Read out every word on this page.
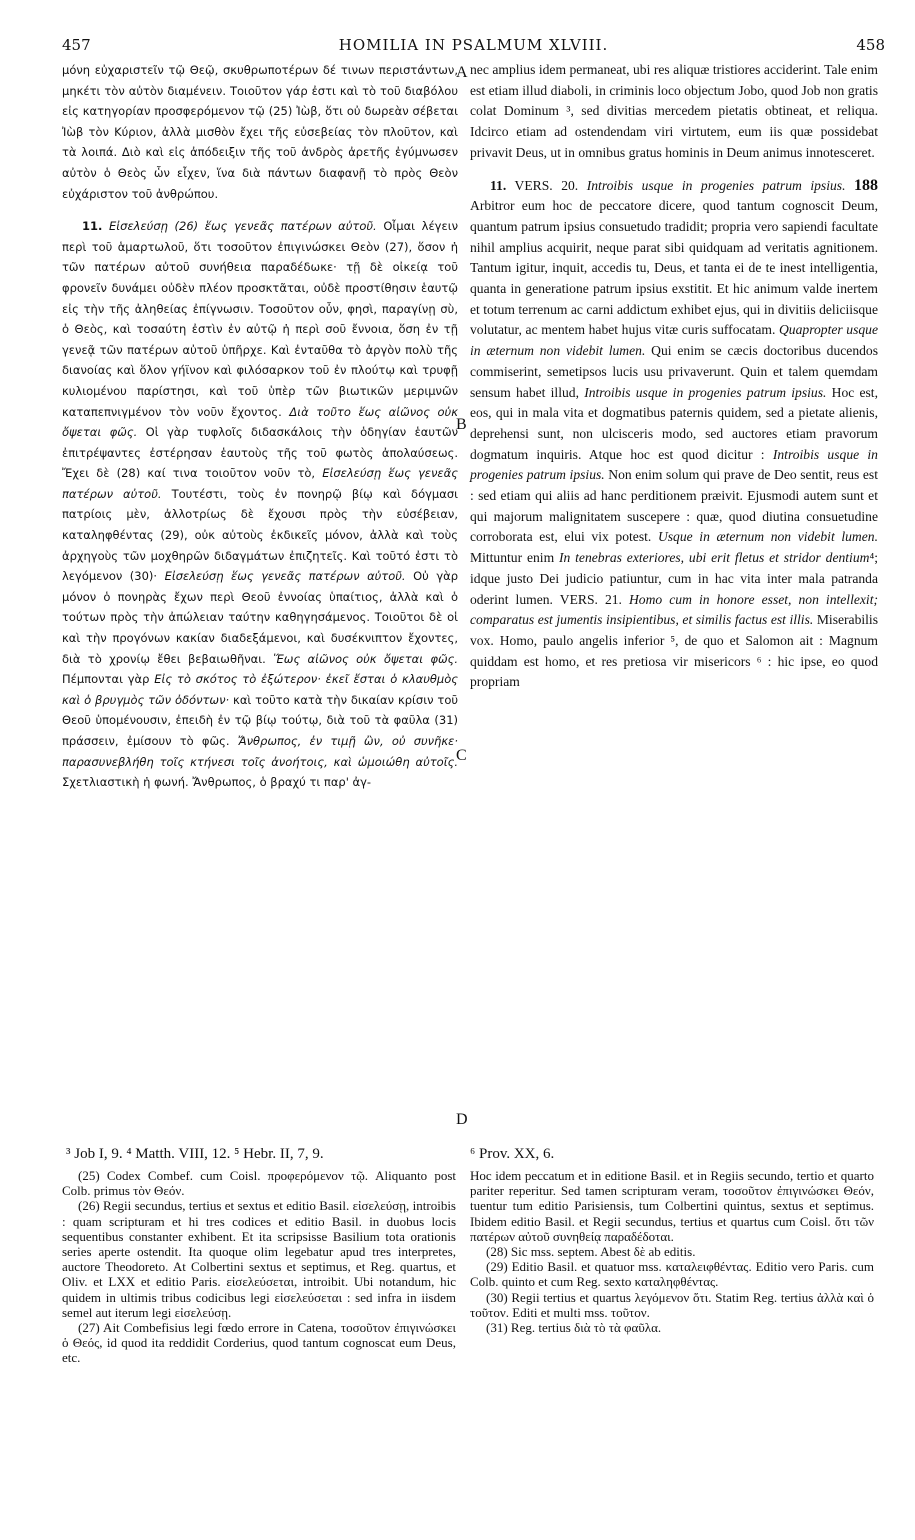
457	HOMILIA IN PSALMUM XLVIII.	458

μόνη εὐχαριστεῖν τῷ Θεῷ, σκυθρωποτέρων δέ τινων περιστάντων, μηκέτι τὸν αὐτὸν διαμένειν. Τοιοῦτον γάρ ἐστι καὶ τὸ τοῦ διαβόλου εἰς κατηγορίαν προσφερόμενον τῷ (25) Ἰὼβ, ὅτι οὐ δωρεὰν σέβεται Ἰὼβ τὸν Κύριον, ἀλλὰ μισθὸν ἔχει τῆς εὐσεβείας τὸν πλοῦτον, καὶ τὰ λοιπά. Διὸ καὶ εἰς ἀπόδειξιν τῆς τοῦ ἀνδρὸς ἀρετῆς ἐγύμνωσεν αὐτὸν ὁ Θεὸς ὧν εἶχεν, ἵνα διὰ πάντων διαφανῇ τὸ πρὸς Θεὸν εὐχάριστον τοῦ ἀνθρώπου.

11. Εἰσελεύσῃ (26) ἕως γενεᾶς πατέρων αὐτοῦ. Οἶμαι λέγειν περὶ τοῦ ἁμαρτωλοῦ, ὅτι τοσοῦτον ἐπιγινώσκει Θεὸν (27), ὅσον ἡ τῶν πατέρων αὐτοῦ συνήθεια παραδέδωκε· τῇ δὲ οἰκείᾳ τοῦ φρονεῖν δυνάμει οὐδὲν πλέον προσκτᾶται, οὐδὲ προστίθησιν ἑαυτῷ εἰς τὴν τῆς ἀληθείας ἐπίγνωσιν. Τοσοῦτον οὖν, φησὶ, παραγίνῃ σὺ, ὁ Θεὸς, καὶ τοσαύτη ἐστὶν ἐν αὐτῷ ἡ περὶ σοῦ ἔννοια, ὅση ἐν τῇ γενεᾷ τῶν πατέρων αὐτοῦ ὑπῆρχε. Καὶ ἐνταῦθα τὸ ἀργὸν πολὺ τῆς διανοίας καὶ ὅλον γήϊνον καὶ φιλόσαρκον τοῦ ἐν πλούτῳ καὶ τρυφῇ κυλιομένου παρίστησι, καὶ τοῦ ὑπὲρ τῶν βιωτικῶν μεριμνῶν καταπεπνιγμένον τὸν νοῦν ἔχοντος. Διὰ τοῦτο ἕως αἰῶνος οὐκ ὄψεται φῶς. Οἱ γὰρ τυφλοῖς διδασκάλοις τὴν ὁδηγίαν ἑαυτῶν ἐπιτρέψαντες ἐστέρησαν ἑαυτοὺς τῆς τοῦ φωτὸς ἀπολαύσεως. Ἔχει δὲ (28) καί τινα τοιοῦτον νοῦν τὸ, Εἰσελεύσῃ ἕως γενεᾶς πατέρων αὐτοῦ. Τουτέστι, τοὺς ἐν πονηρῷ βίῳ καὶ δόγμασι πατρίοις μὲν, ἀλλοτρίως δὲ ἔχουσι πρὸς τὴν εὐσέβειαν, καταληφθέντας (29), οὐκ αὐτοὺς ἐκδικεῖς μόνον, ἀλλὰ καὶ τοὺς ἀρχηγοὺς τῶν μοχθηρῶν διδαγμάτων ἐπιζητεῖς. Καὶ τοῦτό ἐστι τὸ λεγόμενον (30)· Εἰσελεύσῃ ἕως γενεᾶς πατέρων αὐτοῦ. Οὐ γὰρ μόνον ὁ πονηρὰς ἔχων περὶ Θεοῦ ἐννοίας ὑπαίτιος, ἀλλὰ καὶ ὁ τούτων πρὸς τὴν ἀπώλειαν ταύτην καθηγησάμενος. Τοιοῦτοι δὲ οἱ καὶ τὴν προγόνων κακίαν διαδεξάμενοι, καὶ δυσέκνιπτον ἔχοντες, διὰ τὸ χρονίῳ ἔθει βεβαιωθῆναι. Ἕως αἰῶνος οὐκ ὄψεται φῶς. Πέμπονται γὰρ Εἰς τὸ σκότος τὸ ἐξώτερον· ἐκεῖ ἔσται ὁ κλαυθμὸς καὶ ὁ βρυγμὸς τῶν ὀδόντων· καὶ τοῦτο κατὰ τὴν δικαίαν κρίσιν τοῦ Θεοῦ ὑπομένουσιν, ἐπειδὴ ἐν τῷ βίῳ τούτῳ, διὰ τοῦ τὰ φαῦλα (31) πράσσειν, ἐμίσουν τὸ φῶς. Ἄνθρωπος, ἐν τιμῇ ὢν, οὐ συνῆκε· παρασυνεβλήθη τοῖς κτήνεσι τοῖς ἀνοήτοις, καὶ ὡμοιώθη αὐτοῖς. Σχετλιαστικὴ ἡ φωνή. Ἄνθρωπος, ὁ βραχύ τι παρ' ἀγ-

A
B
C
D

nec amplius idem permaneat, ubi res aliquæ tristiores acciderint. Tale enim est etiam illud diaboli, in criminis loco objectum Jobo, quod Job non gratis colat Dominum ³, sed divitias mercedem pietatis obtineat, et reliqua. Idcirco etiam ad ostendendam viri virtutem, eum iis quæ possidebat privavit Deus, ut in omnibus gratus hominis in Deum animus innotesceret.

11. VERS. 20. Introibis usque in progenies patrum ipsius. 188 Arbitror eum hoc de peccatore dicere, quod tantum cognoscit Deum, quantum patrum ipsius consuetudo tradidit; propria vero sapiendi facultate nihil amplius acquirit, neque parat sibi quidquam ad veritatis agnitionem. Tantum igitur, inquit, accedis tu, Deus, et tanta ei de te inest intelligentia, quanta in generatione patrum ipsius exstitit. Et hic animum valde inertem et totum terrenum ac carni addictum exhibet ejus, qui in divitiis deliciisque volutatur, ac mentem habet hujus vitæ curis suffocatam. Quapropter usque in æternum non videbit lumen. Qui enim se cæcis doctoribus ducendos commiserint, semetipsos lucis usu privaverunt. Quin et talem quemdam sensum habet illud, Introibis usque in progenies patrum ipsius. Hoc est, eos, qui in mala vita et dogmatibus paternis quidem, sed a pietate alienis, deprehensi sunt, non ulcisceris modo, sed auctores etiam pravorum dogmatum inquiris. Atque hoc est quod dicitur : Introibis usque in progenies patrum ipsius. Non enim solum qui prave de Deo sentit, reus est : sed etiam qui aliis ad hanc perditionem præivit. Ejusmodi autem sunt et qui majorum malignitatem suscepere : quæ, quod diutina consuetudine corroborata est, elui vix potest. Usque in æternum non videbit lumen. Mittuntur enim In tenebras exteriores, ubi erit fletus et stridor dentium⁴; idque justo Dei judicio patiuntur, cum in hac vita inter mala patranda oderint lumen. VERS. 21. Homo cum in honore esset, non intellexit; comparatus est jumentis insipientibus, et similis factus est illis. Miserabilis vox. Homo, paulo angelis inferior ⁵, de quo et Salomon ait : Magnum quiddam est homo, et res pretiosa vir misericors ⁶ : hic ipse, eo quod propriam

³ Job I, 9. ⁴ Matth. VIII, 12. ⁵ Hebr. II, 7, 9.	⁶ Prov. XX, 6.

(25) Codex Combef. cum Coisl. προφερόμενον τῷ. Aliquanto post Colb. primus τὸν Θεόν.

(26) Regii secundus, tertius et sextus et editio Basil. εἰσελεύσῃ, introibis : quam scripturam et hi tres codices et editio Basil. in duobus locis sequentibus constanter exhibent. Et ita scripsisse Basilium tota orationis series aperte ostendit. Ita quoque olim legebatur apud tres interpretes, auctore Theodoreto. At Colbertini sextus et septimus, et Reg. quartus, et Oliv. et LXX et editio Paris. εἰσελεύσεται, introibit. Ubi notandum, hic quidem in ultimis tribus codicibus legi εἰσελεύσεται : sed infra in iisdem semel aut iterum legi εἰσελεύσῃ.

(27) Ait Combefisius legi fœdo errore in Catena, τοσοῦτον ἐπιγινώσκει ὁ Θεός, id quod ita reddidit Corderius, quod tantum cognoscat eum Deus, etc.

Hoc idem peccatum et in editione Basil. et in Regiis secundo, tertio et quarto pariter reperitur. Sed tamen scripturam veram, τοσοῦτον ἐπιγινώσκει Θεόν, tuentur tum editio Parisiensis, tum Colbertini quintus, sextus et septimus. Ibidem editio Basil. et Regii secundus, tertius et quartus cum Coisl. ὅτι τῶν πατέρων αὐτοῦ συνηθείᾳ παραδέδοται.

(28) Sic mss. septem. Abest δὲ ab editis.

(29) Editio Basil. et quatuor mss. καταλειφθέντας. Editio vero Paris. cum Colb. quinto et cum Reg. sexto καταληφθέντας.

(30) Regii tertius et quartus λεγόμενον ὅτι. Statim Reg. tertius ἀλλὰ καὶ ὁ τοῦτον. Editi et multi mss. τοῦτον.

(31) Reg. tertius διὰ τὸ τὰ φαῦλα.
